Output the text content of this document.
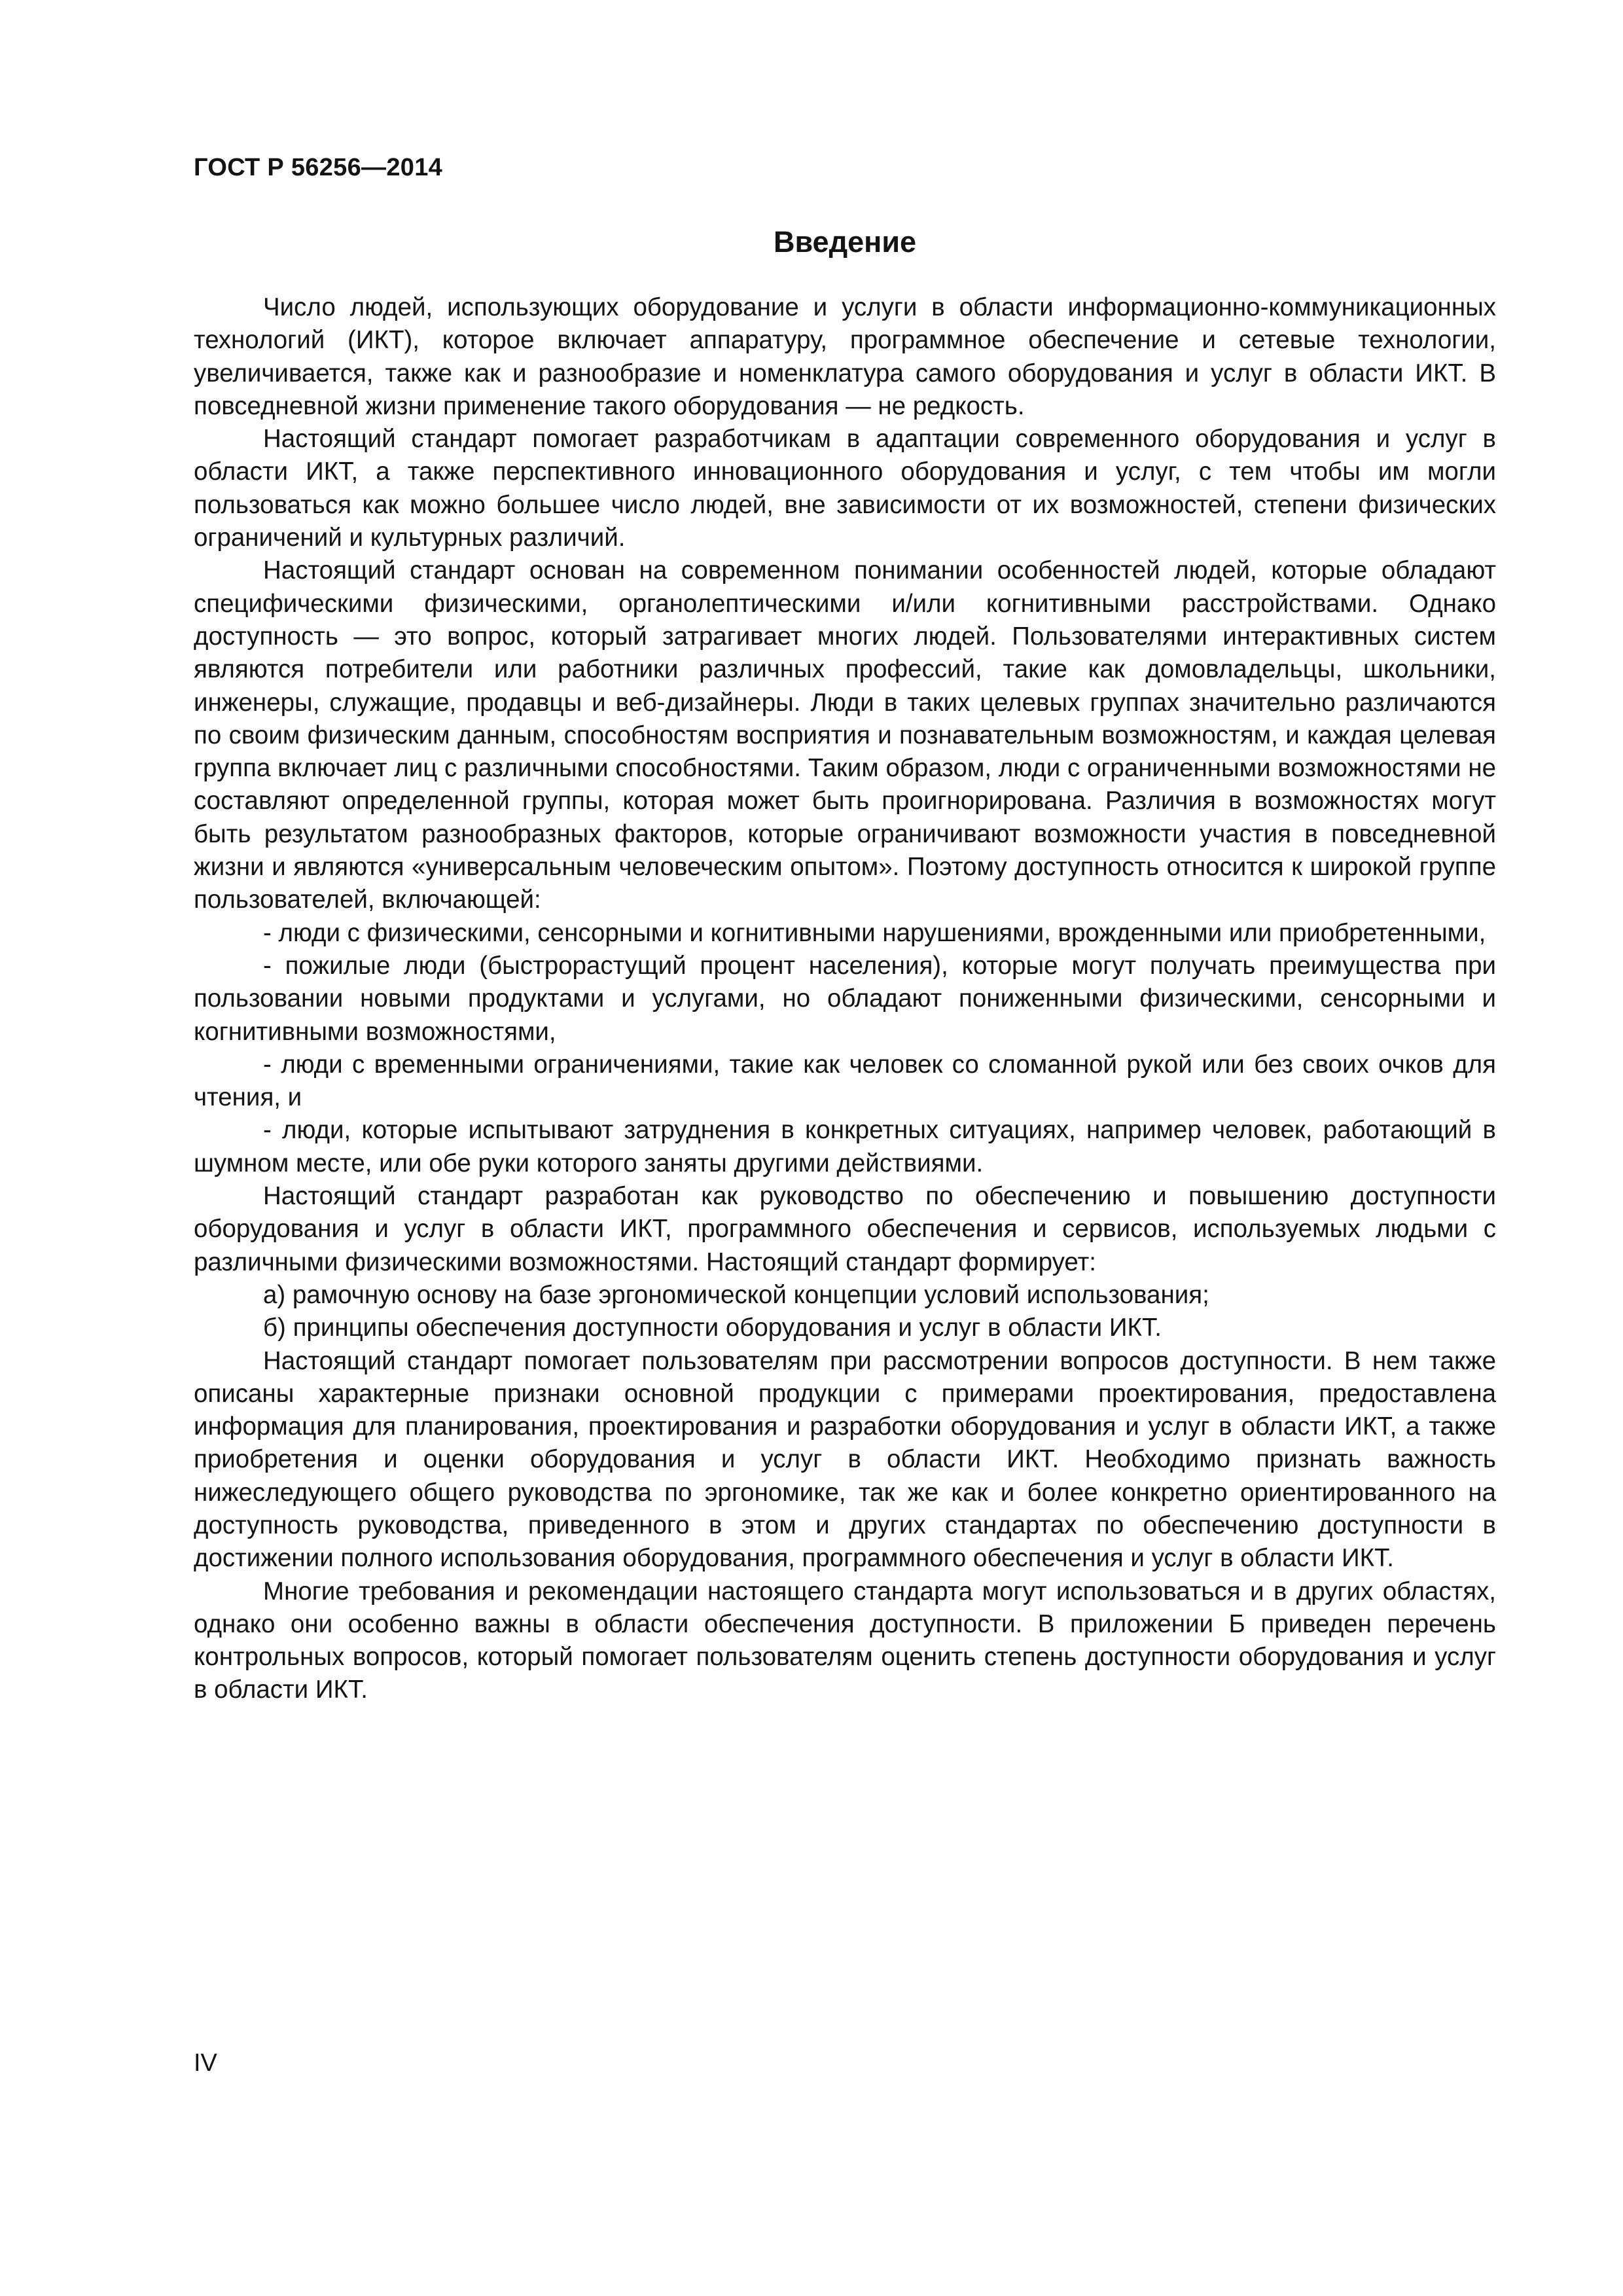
ГОСТ Р 56256—2014
Введение

Число людей, использующих оборудование и услуги в области информационно-коммуникационных технологий (ИКТ), которое включает аппаратуру, программное обеспечение и сетевые технологии, увеличивается, также как и разнообразие и номенклатура самого оборудования и услуг в области ИКТ. В повседневной жизни применение такого оборудования — не редкость.

Настоящий стандарт помогает разработчикам в адаптации современного оборудования и услуг в области ИКТ, а также перспективного инновационного оборудования и услуг, с тем чтобы им могли пользоваться как можно большее число людей, вне зависимости от их возможностей, степени физических ограничений и культурных различий.

Настоящий стандарт основан на современном понимании особенностей людей, которые обладают специфическими физическими, органолептическими и/или когнитивными расстройствами. Однако доступность — это вопрос, который затрагивает многих людей. Пользователями интерактивных систем являются потребители или работники различных профессий, такие как домовладельцы, школьники, инженеры, служащие, продавцы и веб-дизайнеры. Люди в таких целевых группах значительно различаются по своим физическим данным, способностям восприятия и познавательным возможностям, и каждая целевая группа включает лиц с различными способностями. Таким образом, люди с ограниченными возможностями не составляют определенной группы, которая может быть проигнорирована. Различия в возможностях могут быть результатом разнообразных факторов, которые ограничивают возможности участия в повседневной жизни и являются «универсальным человеческим опытом». Поэтому доступность относится к широкой группе пользователей, включающей:

- люди с физическими, сенсорными и когнитивными нарушениями, врожденными или приобретенными,

- пожилые люди (быстрорастущий процент населения), которые могут получать преимущества при пользовании новыми продуктами и услугами, но обладают пониженными физическими, сенсорными и когнитивными возможностями,

- люди с временными ограничениями, такие как человек со сломанной рукой или без своих очков для чтения, и

- люди, которые испытывают затруднения в конкретных ситуациях, например человек, работающий в шумном месте, или обе руки которого заняты другими действиями.

Настоящий стандарт разработан как руководство по обеспечению и повышению доступности оборудования и услуг в области ИКТ, программного обеспечения и сервисов, используемых людьми с различными физическими возможностями. Настоящий стандарт формирует:

а) рамочную основу на базе эргономической концепции условий использования;

б) принципы обеспечения доступности оборудования и услуг в области ИКТ.

Настоящий стандарт помогает пользователям при рассмотрении вопросов доступности. В нем также описаны характерные признаки основной продукции с примерами проектирования, предоставлена информация для планирования, проектирования и разработки оборудования и услуг в области ИКТ, а также приобретения и оценки оборудования и услуг в области ИКТ. Необходимо признать важность нижеследующего общего руководства по эргономике, так же как и более конкретно ориентированного на доступность руководства, приведенного в этом и других стандартах по обеспечению доступности в достижении полного использования оборудования, программного обеспечения и услуг в области ИКТ.

Многие требования и рекомендации настоящего стандарта могут использоваться и в других областях, однако они особенно важны в области обеспечения доступности. В приложении Б приведен перечень контрольных вопросов, который помогает пользователям оценить степень доступности оборудования и услуг в области ИКТ.

IV
